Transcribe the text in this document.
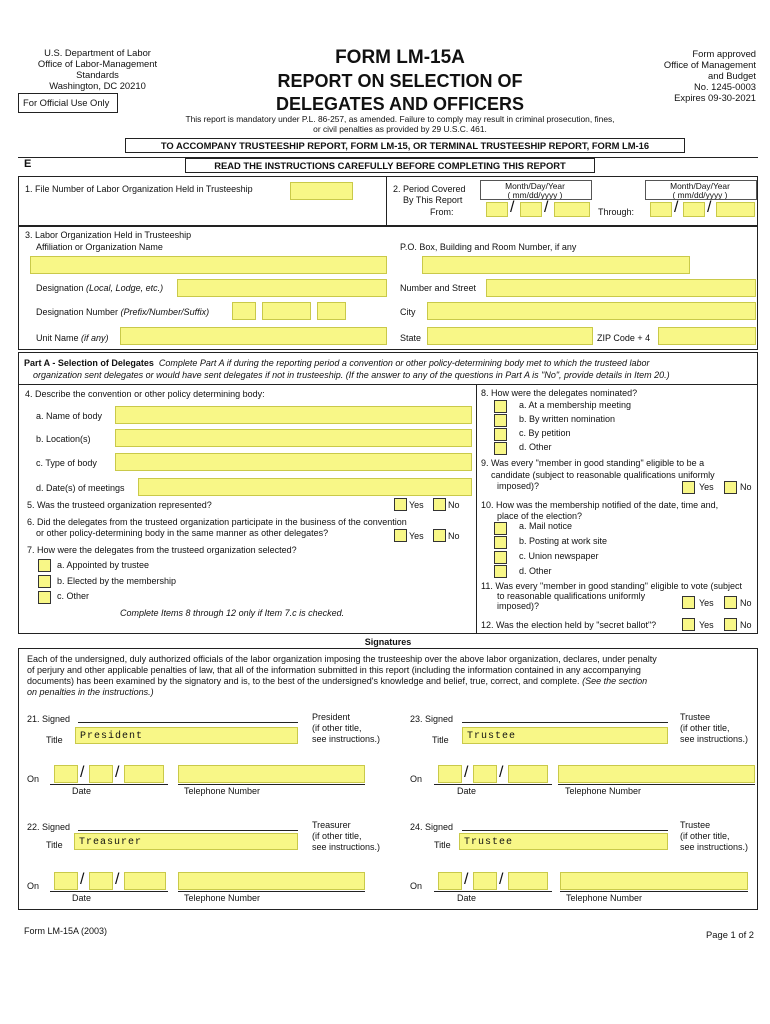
U.S. Department of Labor
Office of Labor-Management
Standards
Washington, DC 20210
For Official Use Only
FORM LM-15A
REPORT ON SELECTION OF
DELEGATES AND OFFICERS
Form approved
Office of Management
and Budget
No. 1245-0003
Expires 09-30-2021
This report is mandatory under P.L. 86-257, as amended. Failure to comply may result in criminal prosecution, fines,
or civil penalties as provided by 29 U.S.C. 461.
TO ACCOMPANY TRUSTEESHIP REPORT, FORM LM-15, OR TERMINAL TRUSTEESHIP REPORT, FORM LM-16
E	READ THE INSTRUCTIONS CAREFULLY BEFORE COMPLETING THIS REPORT
1. File Number of Labor Organization Held in Trusteeship	2. Period Covered
By This Report
From:
Month/Day/Year
( mm/dd/yyyy )
/ /	Through:
Month/Day/Year
( mm/dd/yyyy )
/ /
3. Labor Organization Held in Trusteeship
Affiliation or Organization Name	P.O. Box, Building and Room Number, if any
Designation (Local, Lodge, etc.)	Number and Street
Designation Number (Prefix/Number/Suffix)	City
Unit Name (if any)	State	ZIP Code + 4
Part A - Selection of Delegates Complete Part A if during the reporting period a convention or other policy-determining body met to which the trusteed labor
organization sent delegates or would have sent delegates if not in trusteeship. (If the answer to any of the questions in Part A is "No", provide details in Item 20.)
4. Describe the convention or other policy determining body:
a. Name of body
b. Location(s)
c. Type of body
d. Date(s) of meetings
5. Was the trusteed organization represented?	Yes	No
6. Did the delegates from the trusteed organization participate in the business of the convention
or other policy-determining body in the same manner as other delegates?	Yes	No
7. How were the delegates from the trusteed organization selected?
a. Appointed by trustee
b. Elected by the membership
c. Other
Complete Items 8 through 12 only if Item 7.c is checked.
8. How were the delegates nominated?
a. At a membership meeting
b. By written nomination
c. By petition
d. Other
9. Was every "member in good standing" eligible to be a
candidate (subject to reasonable qualifications uniformly
imposed)?	Yes	No
10. How was the membership notified of the date, time and,
place of the election?
a. Mail notice
b. Posting at work site
c. Union newspaper
d. Other
11. Was every "member in good standing" eligible to vote (subject
to reasonable qualifications uniformly
imposed)?	Yes	No
12. Was the election held by "secret ballot"?	Yes	No
Signatures
Each of the undersigned, duly authorized officials of the labor organization imposing the trusteeship over the above labor organization, declares, under penalty
of perjury and other applicable penalties of law, that all of the information submitted in this report (including the information contained in any accompanying
documents) has been examined by the signatory and is, to the best of the undersigned's knowledge and belief, true, correct, and complete. (See the section
on penalties in the instructions.)
21. Signed	President
(if other title,
see instructions.)
Title	President
On	/ /
Date	Telephone Number
23. Signed	Trustee
(if other title,
see instructions.)
Title	Trustee
On	/ /
Date	Telephone Number
22. Signed	Treasurer
(if other title,
see instructions.)
Title	Treasurer
On	/ /
Date	Telephone Number
24. Signed	Trustee
(if other title,
see instructions.)
Title	Trustee
On	/ /
Date	Telephone Number
Form LM-15A (2003)	Page 1 of 2
